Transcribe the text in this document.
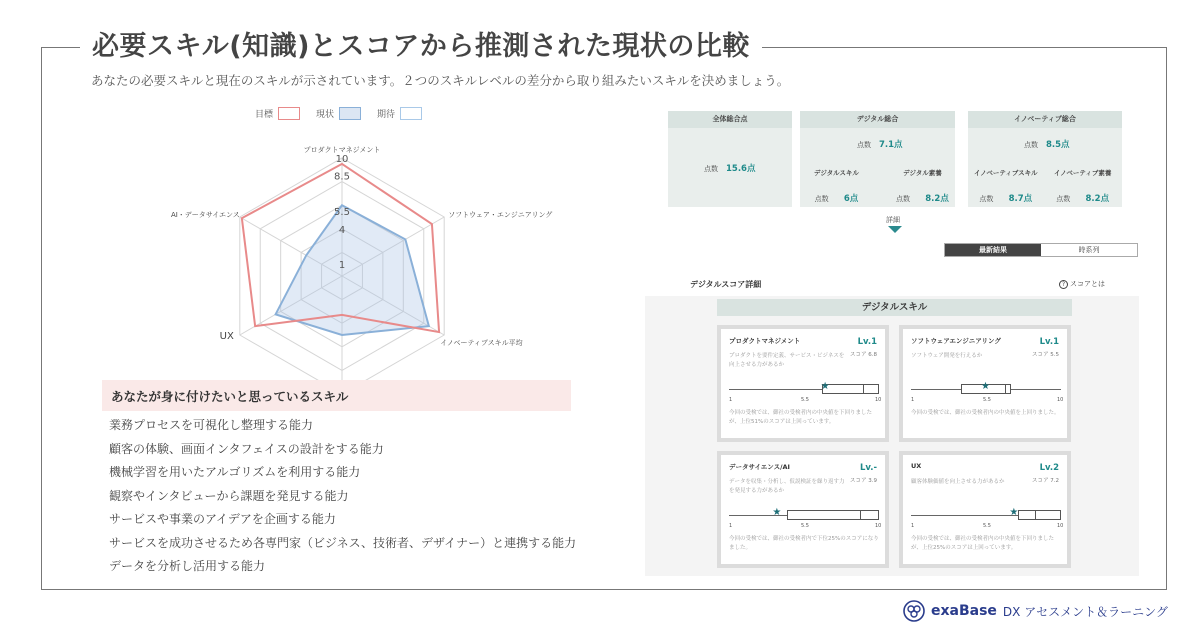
必要スキル(知識)とスコアから推測された現状の比較
あなたの必要スキルと現在のスキルが示されています。２つのスキルレベルの差分から取り組みたいスキルを決めましょう。
目標	現状	期待
10
8.5
5.5
4
1
プロダクトマネジメント
ソフトウェア・エンジニアリング
イノベーティブスキル平均
UX
AI・データサイエンス
あなたが身に付けたいと思っているスキル
業務プロセスを可視化し整理する能力
顧客の体験、画面インタフェイスの設計をする能力
機械学習を用いたアルゴリズムを利用する能力
観察やインタビューから課題を発見する能力
サービスや事業のアイデアを企画する能力
サービスを成功させるため各専門家（ビジネス、技術者、デザイナー）と連携する能力
データを分析し活用する能力
全体総合点
点数 15.6点
デジタル総合
点数 7.1点
デジタルスキル
点数 6点
デジタル素養
点数 8.2点
イノベーティブ総合
点数 8.5点
イノベーティブスキル
点数 8.7点
イノベーティブ素養
点数 8.2点
詳細
最新結果	時系列
デジタルスコア詳細	? スコアとは
デジタルスキル
プロダクトマネジメント	Lv.1
スコア 6.8
プロダクトを要件定義、サービス・ビジネスを向上させる力があるか
★
1	5.5	10
今回の受検では、御社の受検者内の中央値を下回りましたが、上位51%のスコアは上回っています。
ソフトウェアエンジニアリング	Lv.1
スコア 5.5
ソフトウェア開発を行えるか
★
1	5.5	10
今回の受検では、御社の受検者内の中央値を上回りました。
データサイエンス/AI	Lv.-
スコア 3.9
データを収集・分析し、仮説検証を繰り返す力を発見する力があるか
★
1	5.5	10
今回の受検では、御社の受検者内で下位25%のスコアになりました。
UX	Lv.2
スコア 7.2
顧客体験価値を向上させる力があるか
★
1	5.5	10
今回の受検では、御社の受検者内の中央値を下回りましたが、上位25%のスコアは上回っています。
exaBase DX アセスメント＆ラーニング
